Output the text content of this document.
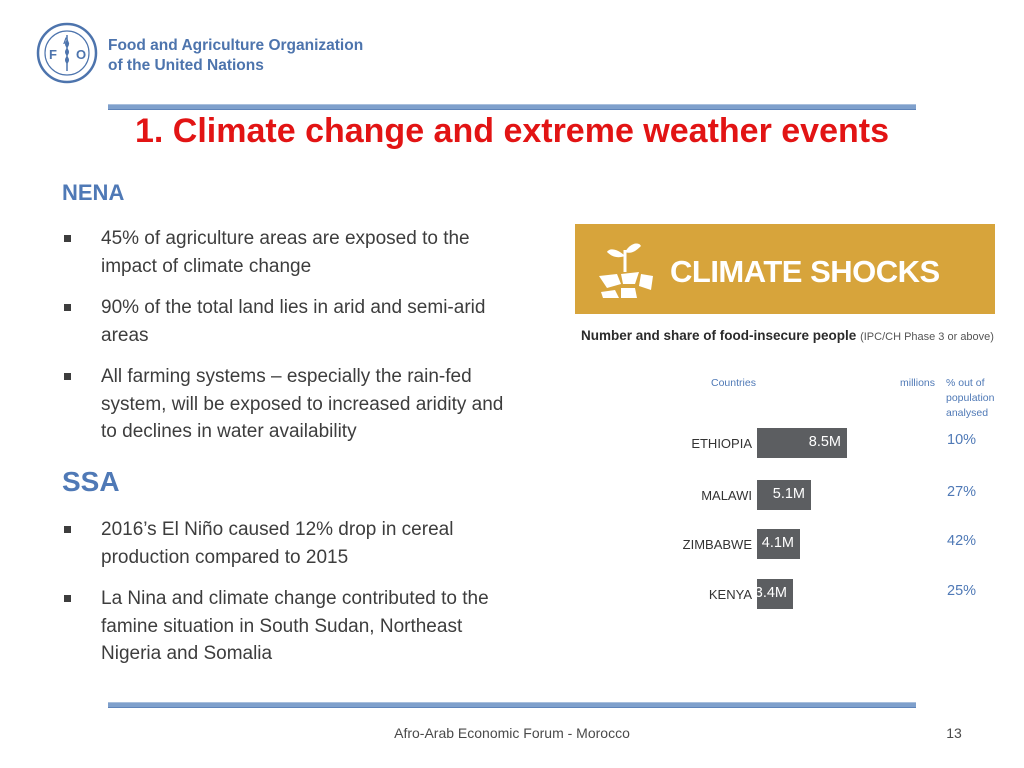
F
A
O
Food and Agriculture Organization
of the United Nations
1. Climate change and extreme weather events
NENA
45% of agriculture areas are exposed to the impact of climate change
90% of the total land lies in arid and semi-arid areas
All farming systems – especially the rain-fed system, will be exposed to increased aridity and to declines in water availability
SSA
2016’s El Niño caused 12% drop in cereal production compared to 2015
La Nina and climate change contributed to the famine situation in South Sudan, Northeast Nigeria and Somalia
CLIMATE SHOCKS
Number and share of food-insecure people (IPC/CH Phase 3 or above)
Countries	millions % out of population analysed
ETHIOPIA	8.5M	10%
MALAWI 5.1M	27%
ZIMBABWE 4.1M	42%
KENYA 3.4M	25%
Afro-Arab Economic Forum - Morocco	13
